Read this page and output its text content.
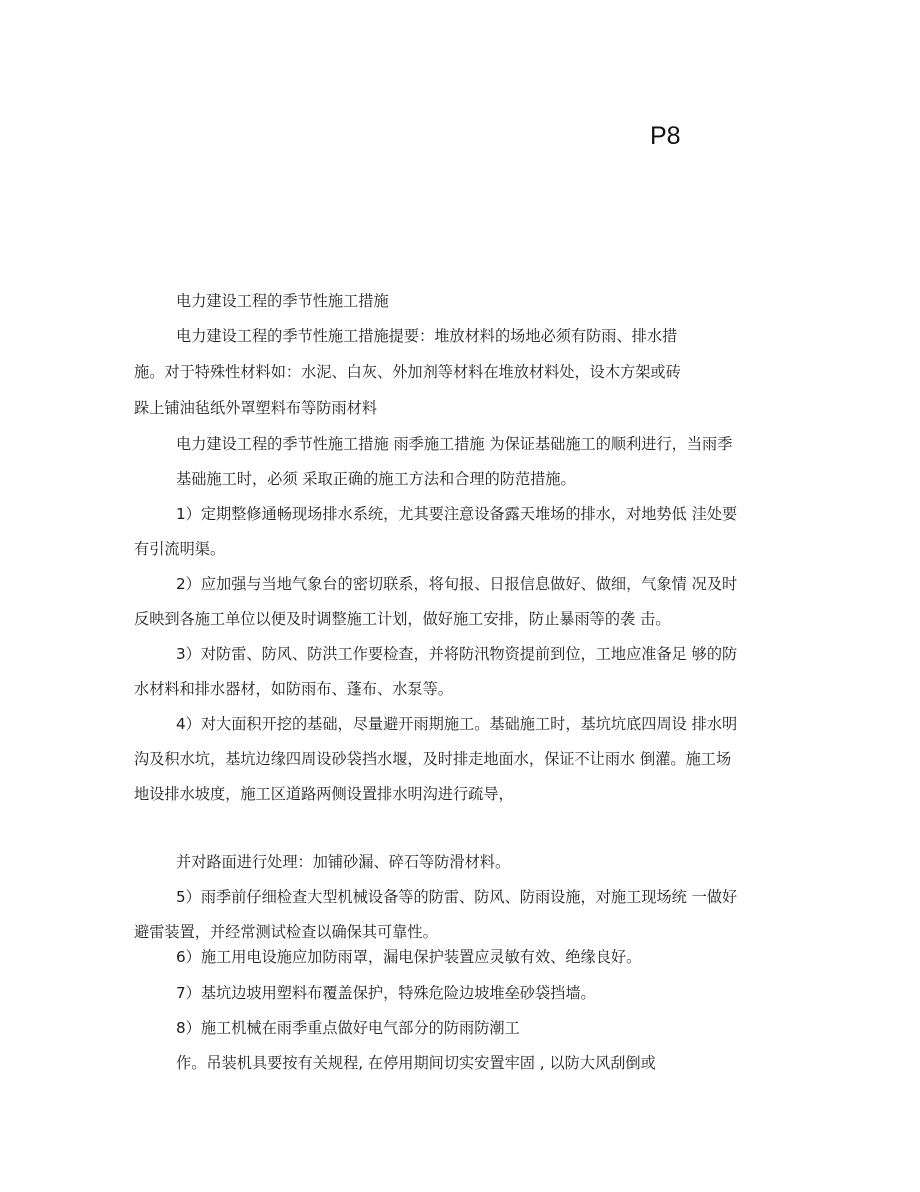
P8
电力建设工程的季节性施工措施
电力建设工程的季节性施工措施提要：堆放材料的场地必须有防雨、排水措
施。对于特殊性材料如：水泥、白灰、外加剂等材料在堆放材料处，设木方架或砖
跺上铺油毡纸外罩塑料布等防雨材料
电力建设工程的季节性施工措施 雨季施工措施 为保证基础施工的顺利进行，当雨季
基础施工时，必须 采取正确的施工方法和合理的防范措施。
1）定期整修通畅现场排水系统，尤其要注意设备露天堆场的排水，对地势低 洼处要
有引流明渠。
2）应加强与当地气象台的密切联系，将旬报、日报信息做好、做细，气象情 况及时
反映到各施工单位以便及时调整施工计划，做好施工安排，防止暴雨等的袭 击。
3）对防雷、防风、防洪工作要检查，并将防汛物资提前到位，工地应准备足 够的防
水材料和排水器材，如防雨布、蓬布、水泵等。
4）对大面积开挖的基础，尽量避开雨期施工。基础施工时，基坑坑底四周设 排水明
沟及积水坑，基坑边缘四周设砂袋挡水堰，及时排走地面水，保证不让雨水 倒灌。施工场
地设排水坡度，施工区道路两侧设置排水明沟进行疏导，
并对路面进行处理：加铺砂漏、碎石等防滑材料。
5）雨季前仔细检查大型机械设备等的防雷、防风、防雨设施，对施工现场统 一做好
避雷装置，并经常测试检查以确保其可靠性。
6）施工用电设施应加防雨罩，漏电保护装置应灵敏有效、绝缘良好。
7）基坑边坡用塑料布覆盖保护，特殊危险边坡堆垒砂袋挡墙。
8）施工机械在雨季重点做好电气部分的防雨防潮工
作。吊装机具要按有关规程, 在停用期间切实安置牢固 , 以防大风刮倒或
